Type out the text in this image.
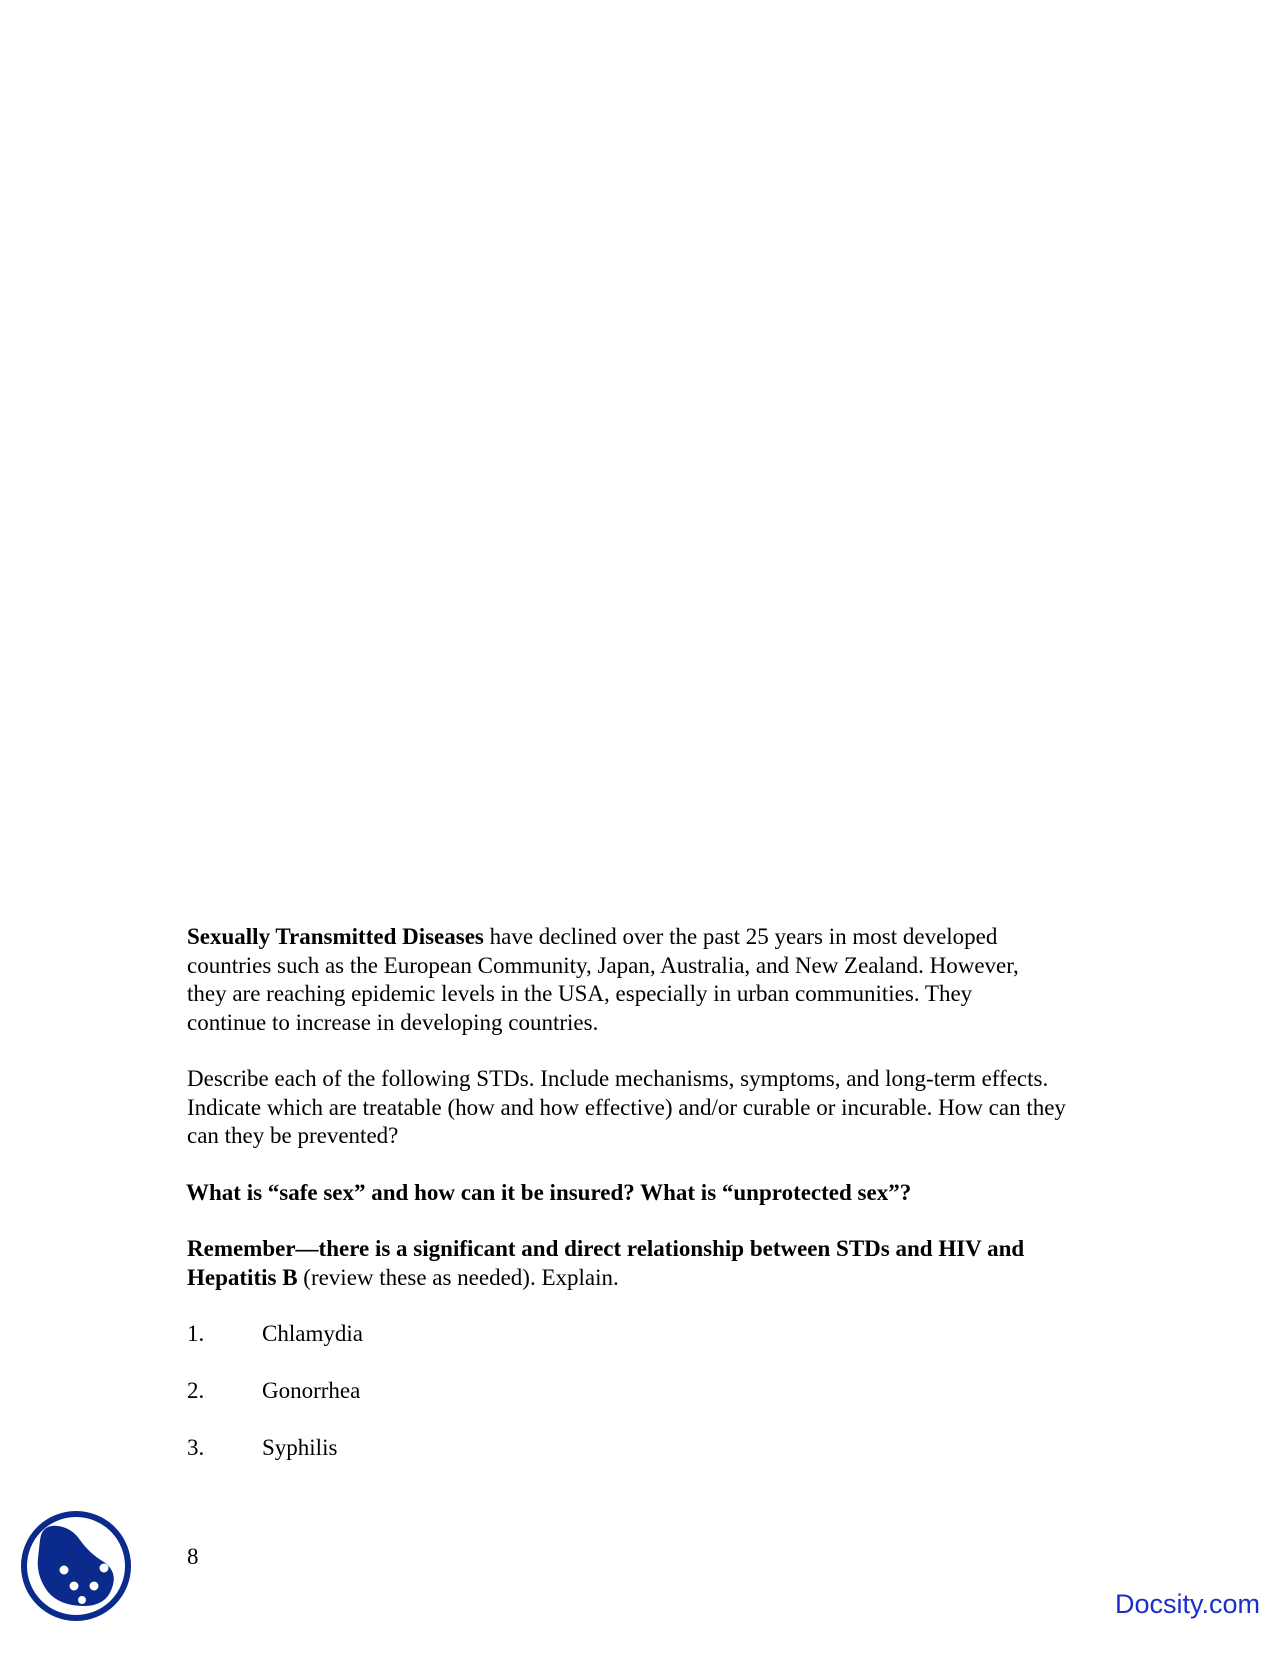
Sexually Transmitted Diseases have declined over the past 25 years in most developed countries such as the European Community, Japan, Australia, and New Zealand. However, they are reaching epidemic levels in the USA, especially in urban communities. They continue to increase in developing countries.

Describe each of the following STDs. Include mechanisms, symptoms, and long-term effects. Indicate which are treatable (how and how effective) and/or curable or incurable. How can they can they be prevented?

What is “safe sex” and how can it be insured? What is “unprotected sex”?

Remember—there is a significant and direct relationship between STDs and HIV and Hepatitis B (review these as needed). Explain.

1.	Chlamydia
2.	Gonorrhea
3.	Syphilis
8
Docsity.com
